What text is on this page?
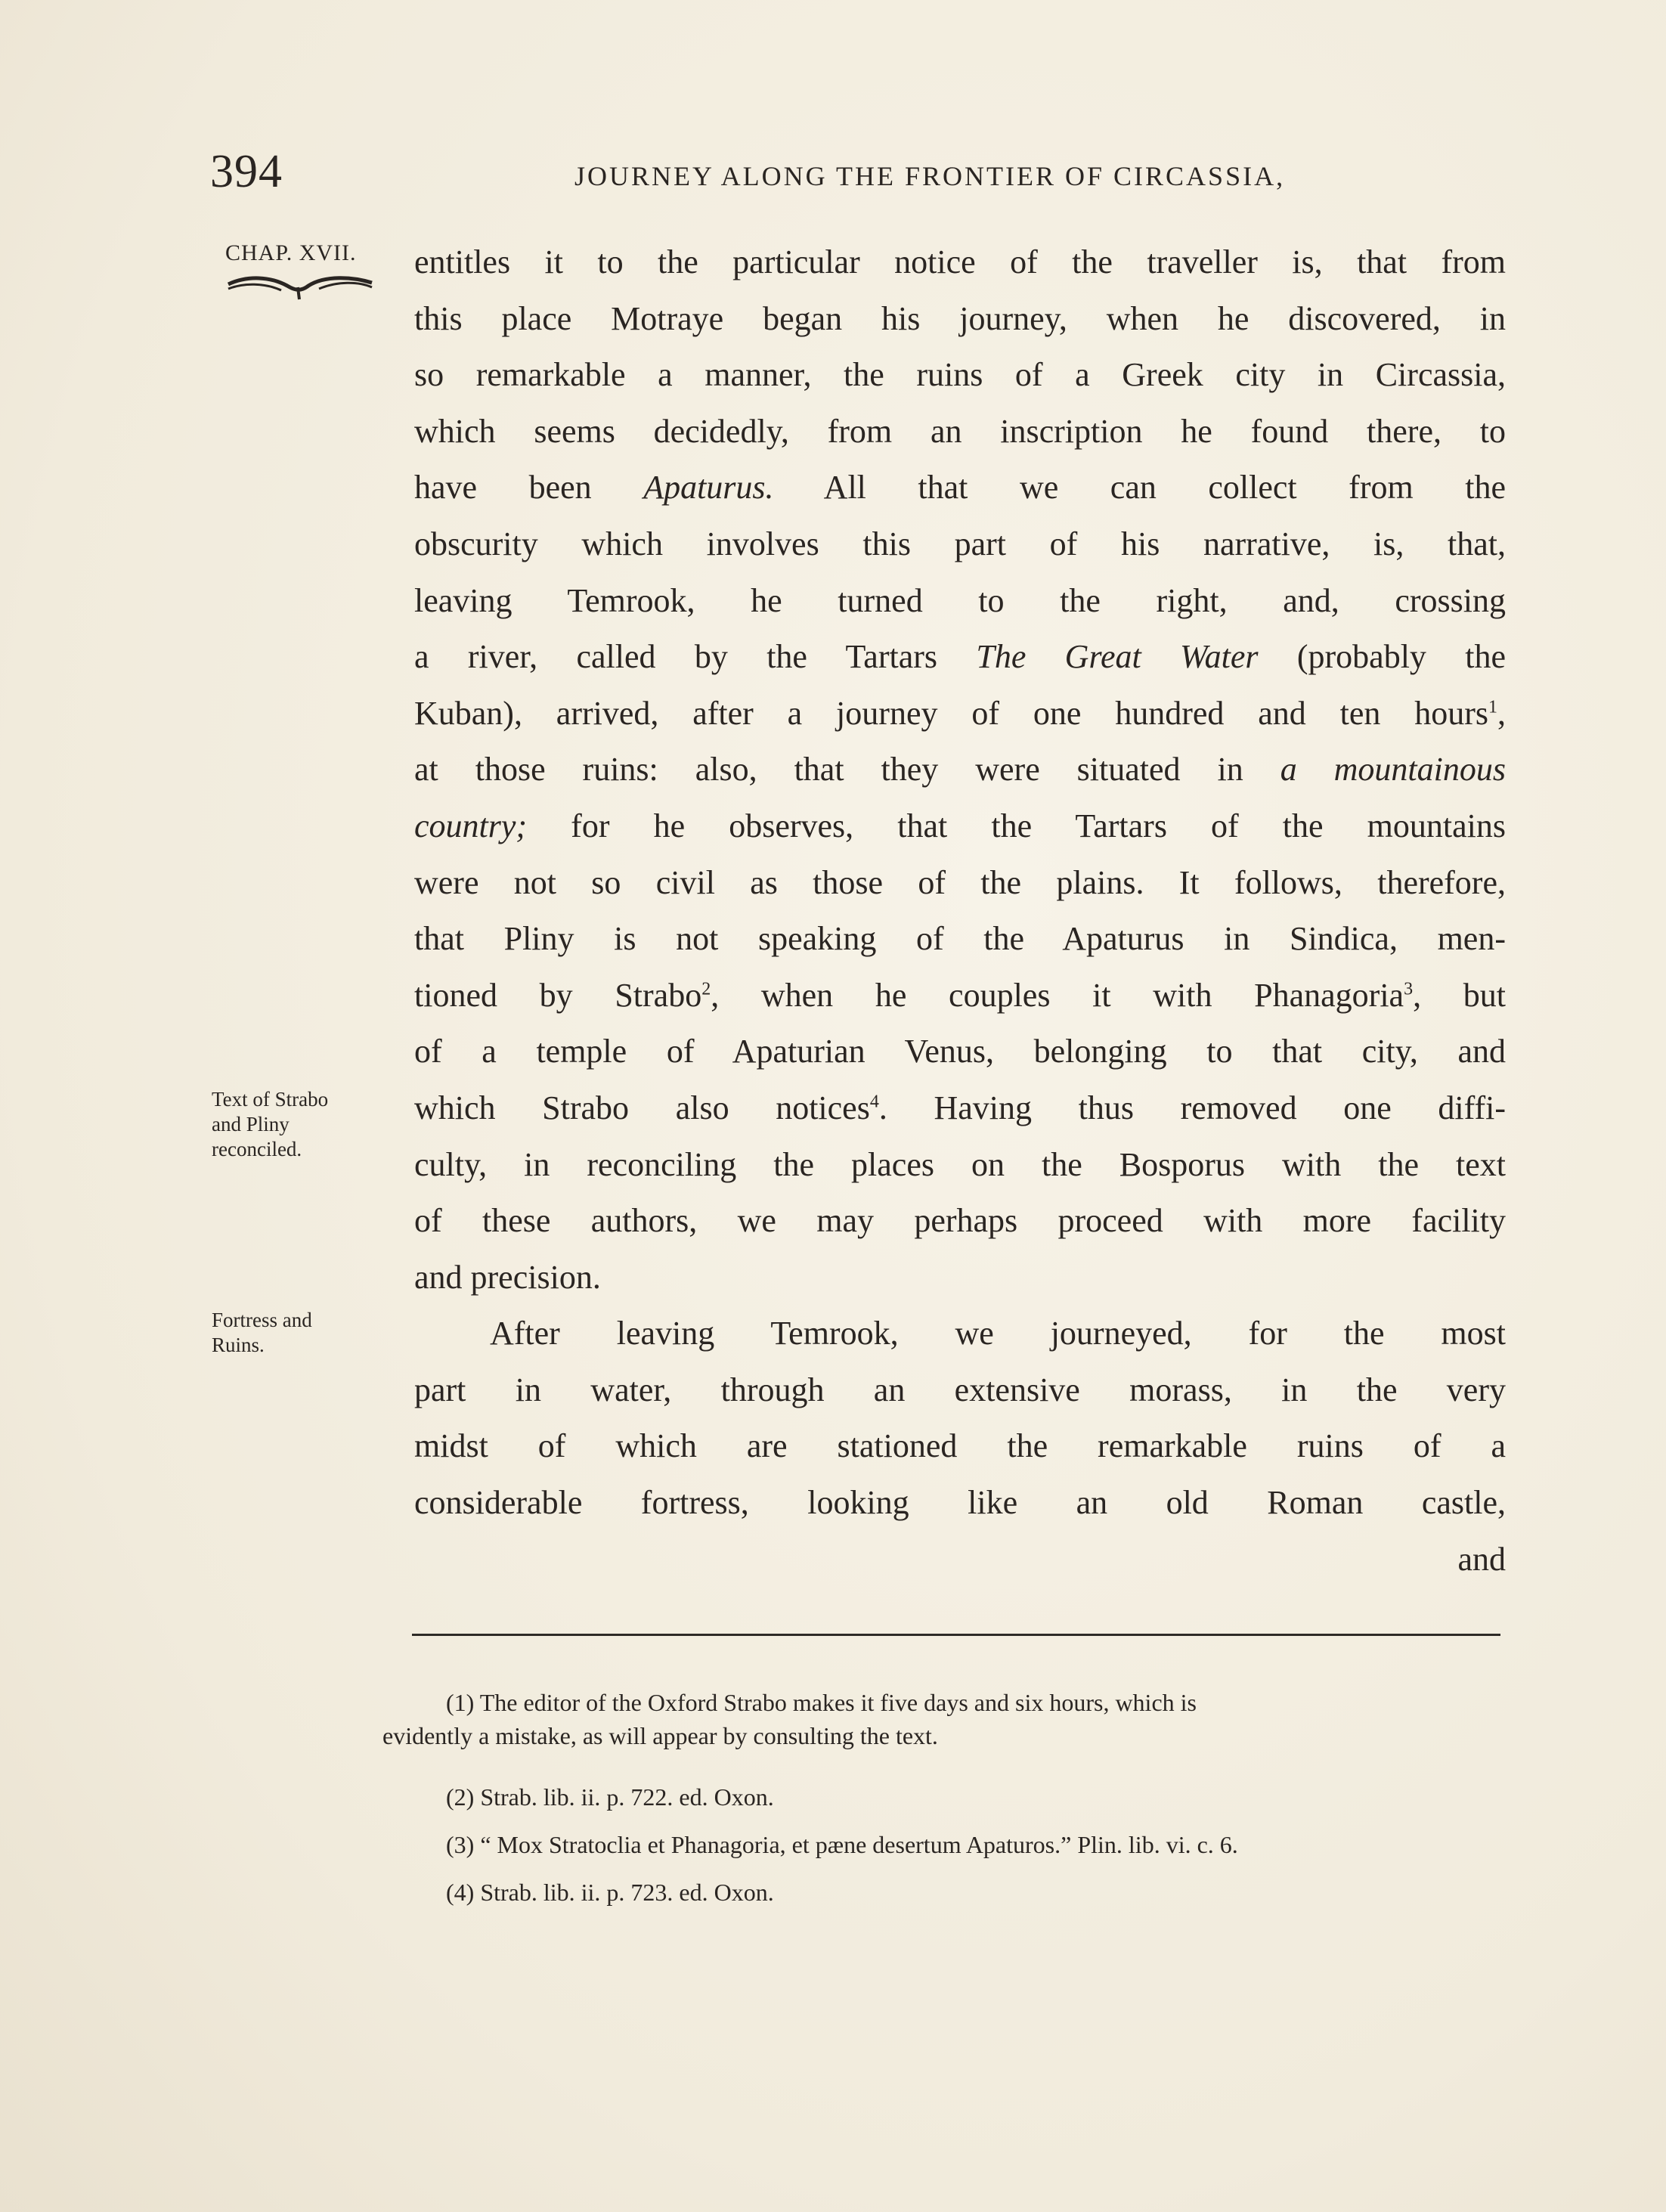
394	JOURNEY ALONG THE FRONTIER OF CIRCASSIA,
CHAP. XVII.
Text of Strabo
and Pliny
reconciled.
Fortress and
Ruins.
entitles it to the particular notice of the traveller is, that from
this place Motraye began his journey, when he discovered, in
so remarkable a manner, the ruins of a Greek city in Circassia,
which seems decidedly, from an inscription he found there, to
have been Apaturus. All that we can collect from the
obscurity which involves this part of his narrative, is, that,
leaving Temrook, he turned to the right, and, crossing
a river, called by the Tartars The Great Water (probably the
Kuban), arrived, after a journey of one hundred and ten hours$^1$,
at those ruins: also, that they were situated in a mountainous
country; for he observes, that the Tartars of the mountains
were not so civil as those of the plains. It follows, therefore,
that Pliny is not speaking of the Apaturus in Sindica, men-
tioned by Strabo$^2$, when he couples it with Phanagoria$^3$, but
of a temple of Apaturian Venus, belonging to that city, and
which Strabo also notices$^4$. Having thus removed one diffi-
culty, in reconciling the places on the Bosporus with the text
of these authors, we may perhaps proceed with more facility
and precision.
After leaving Temrook, we journeyed, for the most
part in water, through an extensive morass, in the very
midst of which are stationed the remarkable ruins of a
considerable fortress, looking like an old Roman castle,
and
(1) The editor of the Oxford Strabo makes it five days and six hours, which is
evidently a mistake, as will appear by consulting the text.
(2) Strab. lib. ii. p. 722. ed. Oxon.
(3) “ Mox Stratoclia et Phanagoria, et pæne desertum Apaturos.” Plin. lib. vi. c. 6.
(4) Strab. lib. ii. p. 723. ed. Oxon.
